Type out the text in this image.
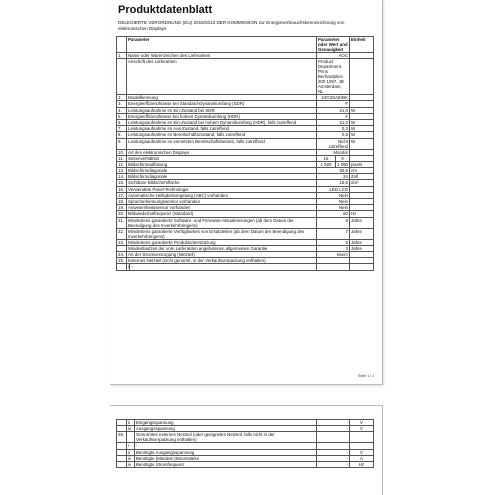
Produktdatenblatt
DELEGIERTE VERORDNUNG (EU) 2019/2013 DER KOMMISSION zur Energieverbrauchskennzeichnung von elektronischen Displays
Seite 1 / 2
	Parameter		Parameter oder Wert und Genauigkeit		Einheit
1.	Name oder Warenzeichen des Lieferanten		AOC		
	Anschrift des Lieferanten		Product Department, Prins Berhardplein 200 1097, JB Amsterdam, NL		
2.	Modellkennung		24G2SAE/BK		
3.	Energieeffizienzklasse bei Standard-Dynamikumfang (SDR)		F		
4.	Leistungsaufnahme im Ein-Zustand bei SDR		21,0		W
5.	Energieeffizienzklasse bei hohem Dynamikumfang (HDR)		F		
6.	Leistungsaufnahme im Ein-Zustand bei hohem Dynamikumfang (HDR), falls zutreffend		21,0		W
7.	Leistungsaufnahme im Aus-Zustand, falls zutreffend		0,3		W
8.	Leistungsaufnahme im Bereitschaftszustand, falls zutreffend		0,5		W
9.	Leistungsaufnahme im vernetzten Bereitschaftsbetrieb, falls zutreffend		Nicht zutreffend		W
10.	Art des elektronischen Displays		Monitor		
11.	Seitenverhältnis		16	9	
12.	Bildschirmauflösung		1 920	1 080	pixels
13.	Bildschirmdiagonale		60,5		cm
14.	Bildschirmdiagonale		24		Zoll
15.	Sichtbare Bildschirmfläche		15,6		dm²
16.	Verwendete Panel-Technologie		LED LCD		
17.	Automatische Helligkeitsregelung (ABC) vorhanden		Nein		
18.	Spracherkennungssensor vorhanden		Nein		
19.	Anwesenheitssensor vorhanden		Nein		
20.	Bildwiederholfrequenz (Standard)		60		Hz
21.	Mindestens garantierte Software- und Firmware-Aktualisierungen (ab dem Datum der Beendigung des Inverkehrbringens)		8		Jahre
22.	Mindestens garantierte Verfügbarkeit von Ersatzteilen (ab dem Datum der Beendigung des Inverkehrbringens)		7		Jahre
23.	Mindestens garantierte Produktunterstützung		8		Jahre
	Mindestlaufzeit der vom Lieferanten angebotenen allgemeinen Garantie		3		Jahre
24.	Art der Stromversorgung (Netzteil)		Intern		
25.	Externes Netzteil (nicht genormt, in der Verkaufsverpackung enthalten)				
	i	-			
	ii	Eingangsspannung	-	V
	iii	Ausgangsspannung	-	V
26.		Genormtes externes Netzteil (oder geeignetes Netzteil, falls nicht in der Verkaufsverpackung enthalten)		
	i	-		
	ii	Benötigte Ausgangsspannung	-	V
	iii	Benötigte (Mindest-)Stromstärke	-	A
	iv	Benötigte Stromfrequenz	-	Hz
